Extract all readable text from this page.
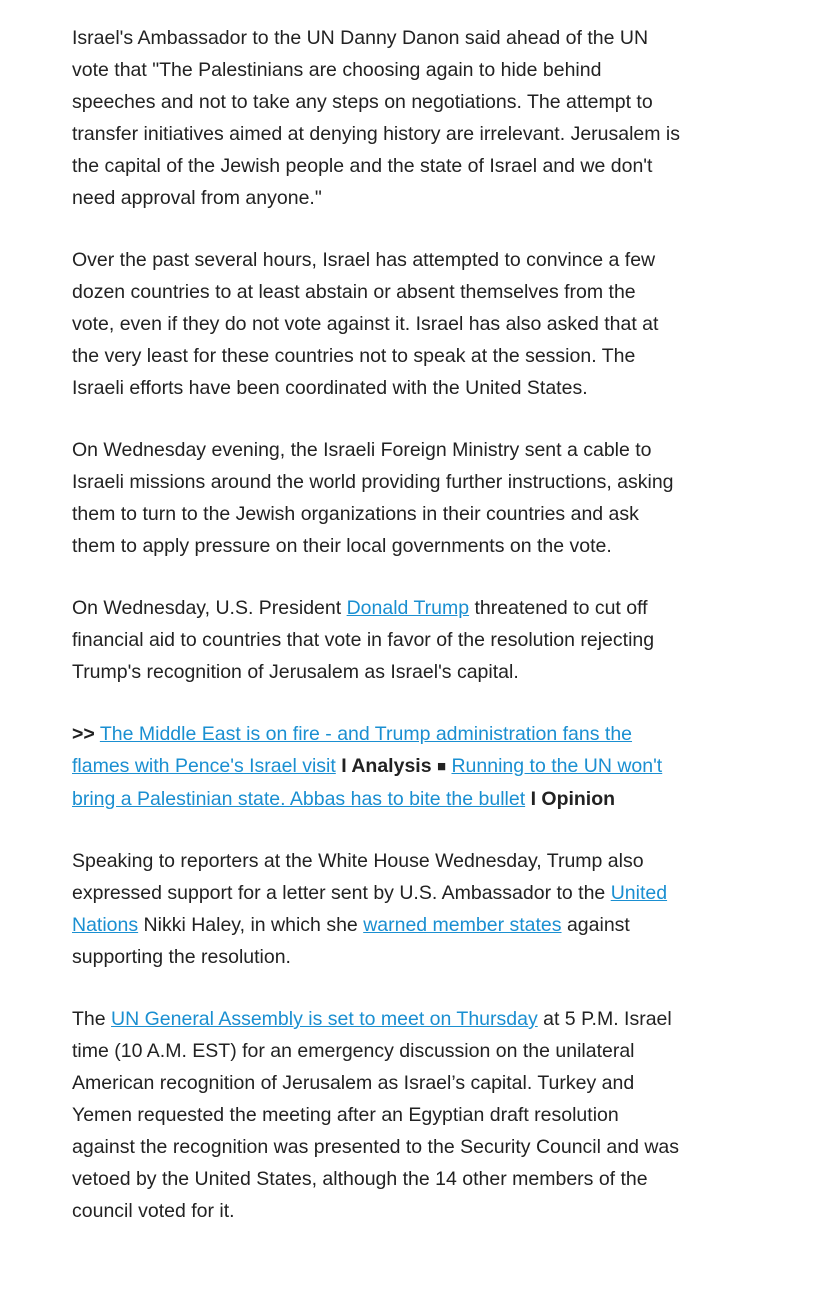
Israel's Ambassador to the UN Danny Danon said ahead of the UN vote that "The Palestinians are choosing again to hide behind speeches and not to take any steps on negotiations. The attempt to transfer initiatives aimed at denying history are irrelevant. Jerusalem is the capital of the Jewish people and the state of Israel and we don't need approval from anyone."

Over the past several hours, Israel has attempted to convince a few dozen countries to at least abstain or absent themselves from the vote, even if they do not vote against it. Israel has also asked that at the very least for these countries not to speak at the session. The Israeli efforts have been coordinated with the United States.

On Wednesday evening, the Israeli Foreign Ministry sent a cable to Israeli missions around the world providing further instructions, asking them to turn to the Jewish organizations in their countries and ask them to apply pressure on their local governments on the vote.

On Wednesday, U.S. President Donald Trump threatened to cut off financial aid to countries that vote in favor of the resolution rejecting Trump's recognition of Jerusalem as Israel's capital.

>> The Middle East is on fire - and Trump administration fans the flames with Pence's Israel visit I Analysis ■ Running to the UN won't bring a Palestinian state. Abbas has to bite the bullet I Opinion

Speaking to reporters at the White House Wednesday, Trump also expressed support for a letter sent by U.S. Ambassador to the United Nations Nikki Haley, in which she warned member states against supporting the resolution.

The UN General Assembly is set to meet on Thursday at 5 P.M. Israel time (10 A.M. EST) for an emergency discussion on the unilateral American recognition of Jerusalem as Israel’s capital. Turkey and Yemen requested the meeting after an Egyptian draft resolution against the recognition was presented to the Security Council and was vetoed by the United States, although the 14 other members of the council voted for it.
